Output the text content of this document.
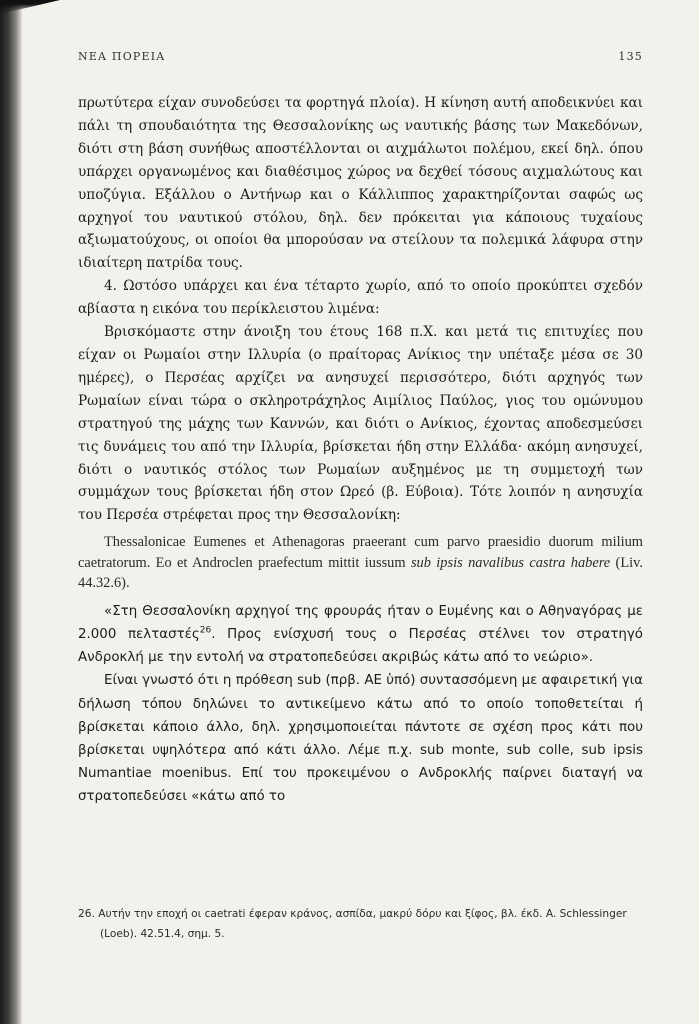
ΝΕΑ ΠΟΡΕΙΑ	135

πρωτύτερα είχαν συνοδεύσει τα φορτηγά πλοία). Η κίνηση αυτή αποδεικνύει και πάλι τη σπουδαιότητα της Θεσσαλονίκης ως ναυτικής βάσης των Μακεδόνων, διότι στη βάση συνήθως αποστέλλονται οι αιχμάλωτοι πολέμου, εκεί δηλ. όπου υπάρχει οργανωμένος και διαθέσιμος χώρος να δεχθεί τόσους αιχμαλώτους και υποζύγια. Εξάλλου ο Αντήνωρ και ο Κάλλιππος χαρακτηρίζονται σαφώς ως αρχηγοί του ναυτικού στόλου, δηλ. δεν πρόκειται για κάποιους τυχαίους αξιωματούχους, οι οποίοι θα μπορούσαν να στείλουν τα πολεμικά λάφυρα στην ιδιαίτερη πατρίδα τους.

4. Ωστόσο υπάρχει και ένα τέταρτο χωρίο, από το οποίο προκύπτει σχεδόν αβίαστα η εικόνα του περίκλειστου λιμένα:

Βρισκόμαστε στην άνοιξη του έτους 168 π.Χ. και μετά τις επιτυχίες που είχαν οι Ρωμαίοι στην Ιλλυρία (ο πραίτορας Ανίκιος την υπέταξε μέσα σε 30 ημέρες), ο Περσέας αρχίζει να ανησυχεί περισσότερο, διότι αρχηγός των Ρωμαίων είναι τώρα ο σκληροτράχηλος Αιμίλιος Παύλος, γιος του ομώνυμου στρατηγού της μάχης των Καννών, και διότι ο Ανίκιος, έχοντας αποδεσμεύσει τις δυνάμεις του από την Ιλλυρία, βρίσκεται ήδη στην Ελλάδα· ακόμη ανησυχεί, διότι ο ναυτικός στόλος των Ρωμαίων αυξημένος με τη συμμετοχή των συμμάχων τους βρίσκεται ήδη στον Ωρεό (β. Εύβοια). Τότε λοιπόν η ανησυχία του Περσέα στρέφεται προς την Θεσσαλονίκη:

Thessalonicae Eumenes et Athenagoras praeerant cum parvo praesidio duorum milium caetratorum. Eo et Androclen praefectum mittit iussum sub ipsis navalibus castra habere (Liv. 44.32.6).

«Στη Θεσσαλονίκη αρχηγοί της φρουράς ήταν ο Ευμένης και ο Αθηναγόρας με 2.000 πελταστές$^{26}$. Προς ενίσχυσή τους ο Περσέας στέλνει τον στρατηγό Ανδροκλή με την εντολή να στρατοπεδεύσει ακριβώς κάτω από το νεώριο».

Είναι γνωστό ότι η πρόθεση sub (πρβ. ΑΕ ὑπό) συντασσόμενη με αφαιρετική για δήλωση τόπου δηλώνει το αντικείμενο κάτω από το οποίο τοποθετείται ή βρίσκεται κάποιο άλλο, δηλ. χρησιμοποιείται πάντοτε σε σχέση προς κάτι που βρίσκεται υψηλότερα από κάτι άλλο. Λέμε π.χ. sub monte, sub colle, sub ipsis Numantiae moenibus. Επί του προκειμένου ο Ανδροκλής παίρνει διαταγή να στρατοπεδεύσει «κάτω από το

26. Αυτήν την εποχή οι caetrati έφεραν κράνος, ασπίδα, μακρύ δόρυ και ξίφος, βλ. έκδ. A. Schlessinger (Loeb). 42.51.4, σημ. 5.
